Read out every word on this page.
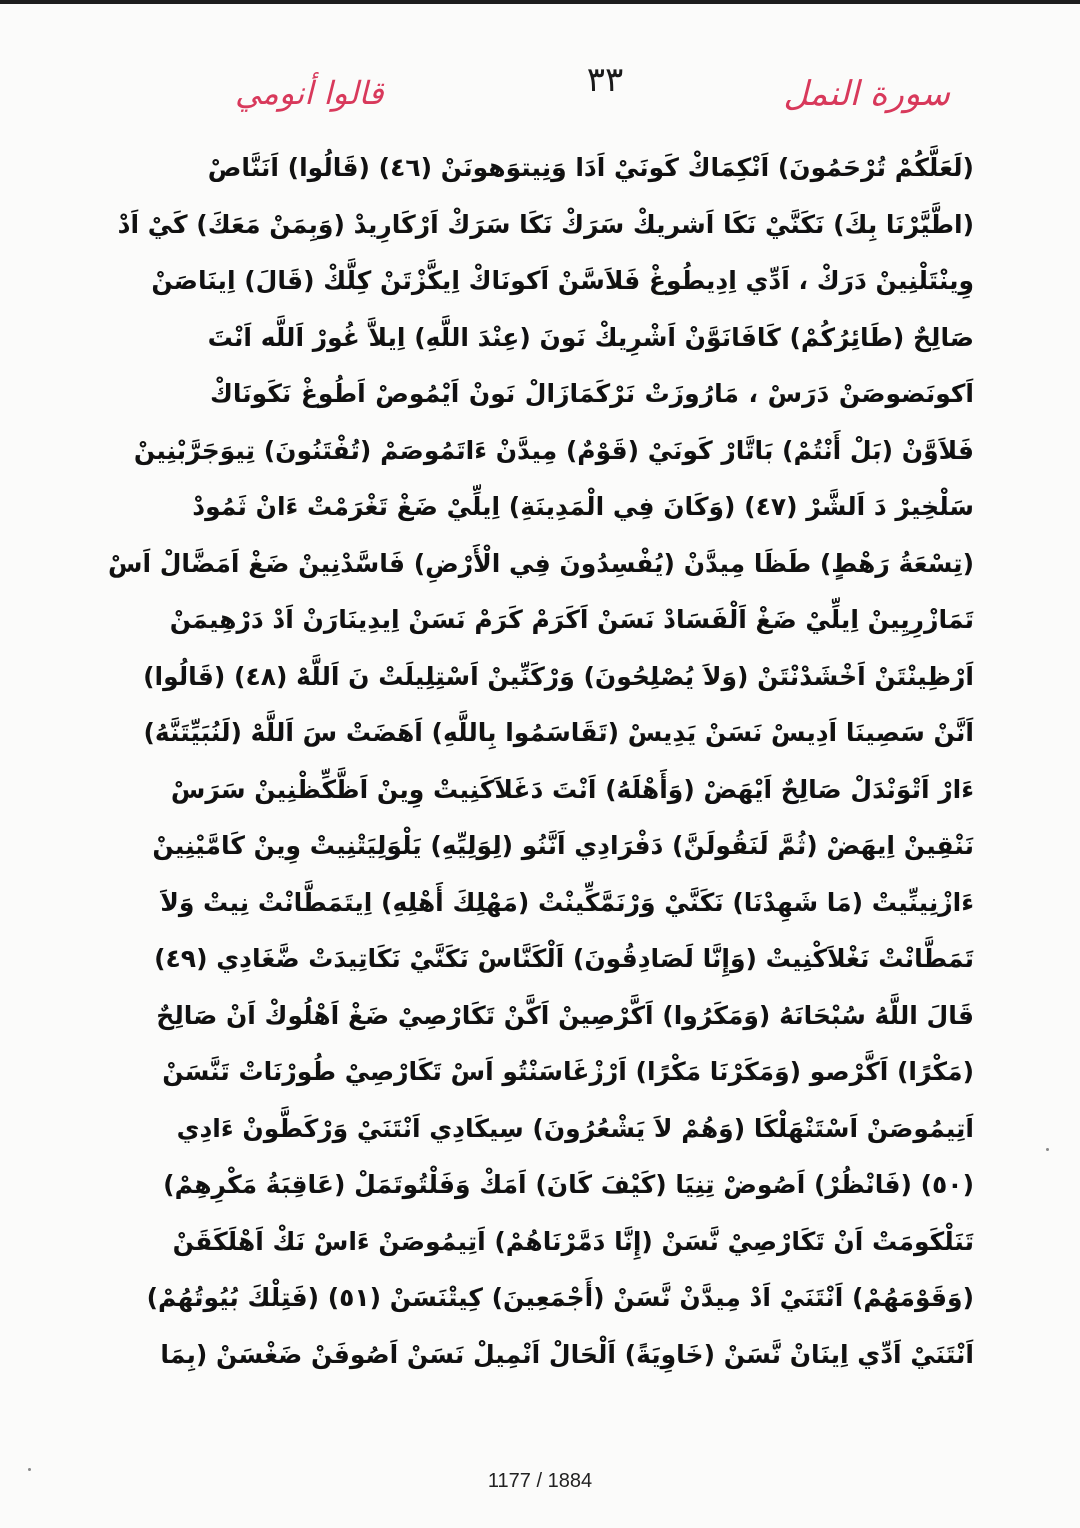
سورة النمل
٣٣
قالوا أنومي
(لَعَلَّكُمْ تُرْحَمُونَ) اَنْكِمَاكْ كَونَيْ اَدَا وَنِيتوَهونَنْ (٤٦) (قَالُوا) اَنَنَّاصْ
(اطَّيَّرْنَا بِكَ) نَكَنَّيْ نَكَا اَشريكْ سَرَكْ نَكَا سَرَكْ اَرْكَارِيدْ (وَبِمَنْ مَعَكَ) كَيْ اَدْ
وِينْتَلْنِينْ دَرَكْ ، اَدِّي اِدِيطُوغْ فَلاَسَّنْ اَكونَاكْ اِيكَّزْتَنْ كِلَّكْ (قَالَ) اِينَاصَنْ
صَالِحٌ (طَائِرُكُمْ) كَافَانَوَّنْ اَشْرِيكْ نَونَ (عِنْدَ اللَّهِ) اِيلاَّ غُورْ اَللَّه اَنْتَ
اَكونَضوصَنْ دَرَسْ ، مَارُوزَتْ نَرْكَمَازَالْ نَونْ اَيْمُوصْ اَطُوغْ نَكَونَاكْ
فَلاَوَّنْ (بَلْ أَنْتُمْ) بَاتَّارْ كَونَيْ (قَوْمٌ) مِيدَّنْ ءَاتَمُوصَمْ (تُفْتَنُونَ) تِيوَجَرَّبْنِينْ
سَلْخِيرْ دَ اَلشَّرْ (٤٧) (وَكَانَ فِي الْمَدِينَةِ) اِيلِّيْ ضَغْ تَغْرَمْتْ ءَانْ ثَمُودْ
(تِسْعَةُ رَهْطٍ) طَظَا مِيدَّنْ (يُفْسِدُونَ فِي الْأَرْضِ) فَاسَّدْنِينْ ضَغْ اَمَضَّالْ اَسْ
تَمَازْرِيِينْ اِيلِّيْ ضَغْ اَلْفَسَادْ نَسَنْ اَكَرَمْ كَرَمْ نَسَنْ اِيدِينَارَنْ اَدْ دَرْهِيمَنْ
اَرْظِينْتَنْ اَخْشَدْنْتَنْ (وَلاَ يُصْلِحُونَ) وَرْكَنِّينْ اَسْتِلِيلَتْ نَ اَللَّهْ (٤٨) (قَالُوا)
اَنَّنْ سَصِينَا اَدِيسْ نَسَنْ يَدِيسْ (تَقَاسَمُوا بِاللَّهِ) اَهَضَتْ سَ اَللَّهْ (لَنُبَيِّتَنَّهُ)
ءَارْ اَتْوَنْدَلْ صَالِحٌ اَيْهَضْ (وَأَهْلَهُ) اَنْتَ دَغَلاَكَنِيتْ وِينْ اَظَّكِّظْنِينْ سَرَسْ
نَنْقِينْ اِيهَضْ (ثُمَّ لَنَقُولَنَّ) دَفْرَادِي اَنَّنُو (لِوَلِيِّهِ) يَلْوَلِيَتْنِيتْ وِينْ كَامَّيْنِينْ
ءَازْنِينِّيتْ (مَا شَهِدْنَا) نَكَنَّيْ وَرْنَمَّكِّينْتْ (مَهْلِكَ أَهْلِهِ) اِيتَمَطَّانْتْ نِيتْ وَلاَ
تَمَطَّانْتْ نَغْلاَكْنِيتْ (وَإِنَّا لَصَادِقُونَ) اَلْكَنَّاسْ نَكَنَّيْ نَكَاتِيدَتْ ضَّغَادِي (٤٩)
قَالَ اللَّهُ سُبْحَانَهُ (وَمَكَرُوا) اَكَّرْصِينْ اَكَّنْ تَكَارْصِيْ ضَغْ اَهْلُوكْ اَنْ صَالِحٌ
(مَكْرًا) اَكَّرْصو (وَمَكَرْنَا مَكْرًا) اَرْزْغَاسَنْتُو اَسْ تَكَارْصِيْ طُورْنَاتْ تَنَّسَنْ
اَتِيمُوصَنْ اَسْتَنْهَلْكَا (وَهُمْ لاَ يَشْعُرُونَ) سِيكَادِي اَنْتَنَيْ وَرْكَطَّونْ ءَادِي
(٥٠) (فَانْظُرْ) اَصُوضْ تِنِيَا (كَيْفَ كَانَ) اَمَكْ وَفَلْتُوتَمَلْ (عَاقِبَةُ مَكْرِهِمْ)
تَنَلْكَومَتْ اَنْ تَكَارْصِيْ نَّسَنْ (إِنَّا دَمَّرْنَاهُمْ) اَتِيمُوصَنْ ءَاسْ نَكْ اَهْلَكَقَنْ
(وَقَوْمَهُمْ) اَنْتَنَيْ اَدْ مِيدَّنْ نَّسَنْ (أَجْمَعِينَ) كِيتْنَسَنْ (٥١) (فَتِلْكَ بُيُوتُهُمْ)
اَنْتَنَيْ اَدِّي اِينَانْ نَّسَنْ (خَاوِيَةً) اَلْحَالْ اَنْمِيلْ نَسَنْ اَصُوفَنْ ضَغْسَنْ (بِمَا
1177 / 1884
